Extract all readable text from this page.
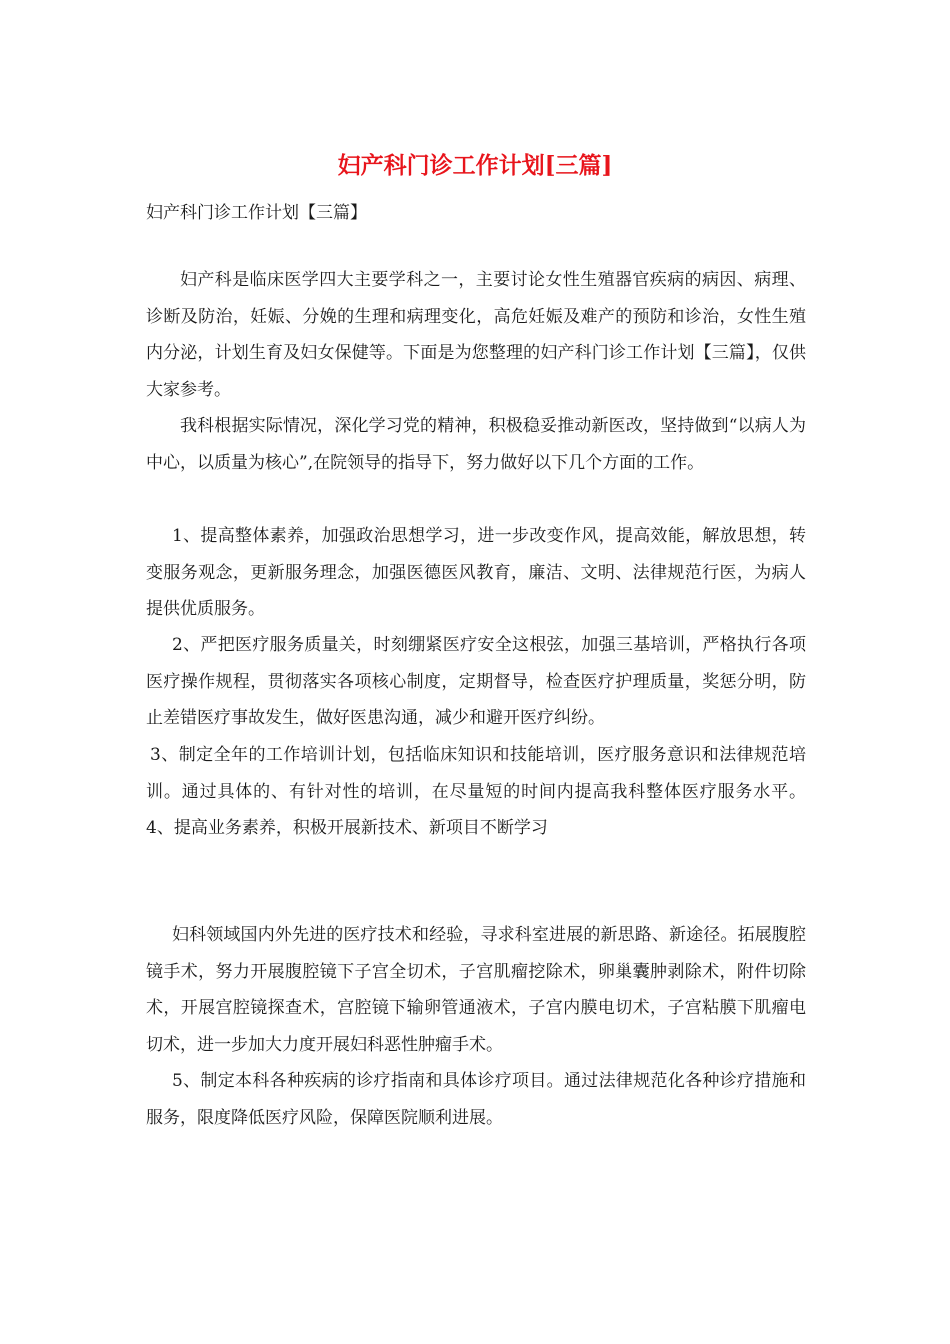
妇产科门诊工作计划[三篇]
妇产科门诊工作计划【三篇】

妇产科是临床医学四大主要学科之一，主要讨论女性生殖器官疾病的病因、病理、诊断及防治，妊娠、分娩的生理和病理变化，高危妊娠及难产的预防和诊治，女性生殖内分泌，计划生育及妇女保健等。下面是为您整理的妇产科门诊工作计划【三篇】，仅供大家参考。

我科根据实际情况，深化学习党的精神，积极稳妥推动新医改，坚持做到“以病人为中心，以质量为核心”,在院领导的指导下，努力做好以下几个方面的工作。

1、提高整体素养，加强政治思想学习，进一步改变作风，提高效能，解放思想，转变服务观念，更新服务理念，加强医德医风教育，廉洁、文明、法律规范行医，为病人提供优质服务。

2、严把医疗服务质量关，时刻绷紧医疗安全这根弦，加强三基培训，严格执行各项医疗操作规程，贯彻落实各项核心制度，定期督导，检查医疗护理质量，奖惩分明，防止差错医疗事故发生，做好医患沟通，减少和避开医疗纠纷。

3、制定全年的工作培训计划，包括临床知识和技能培训，医疗服务意识和法律规范培训。通过具体的、有针对性的培训，在尽量短的时间内提高我科整体医疗服务水平。 4、提高业务素养，积极开展新技术、新项目不断学习

妇科领域国内外先进的医疗技术和经验，寻求科室进展的新思路、新途径。拓展腹腔镜手术，努力开展腹腔镜下子宫全切术，子宫肌瘤挖除术，卵巢囊肿剥除术，附件切除术，开展宫腔镜探查术，宫腔镜下输卵管通液术，子宫内膜电切术，子宫粘膜下肌瘤电切术，进一步加大力度开展妇科恶性肿瘤手术。

5、制定本科各种疾病的诊疗指南和具体诊疗项目。通过法律规范化各种诊疗措施和服务，限度降低医疗风险，保障医院顺利进展。
